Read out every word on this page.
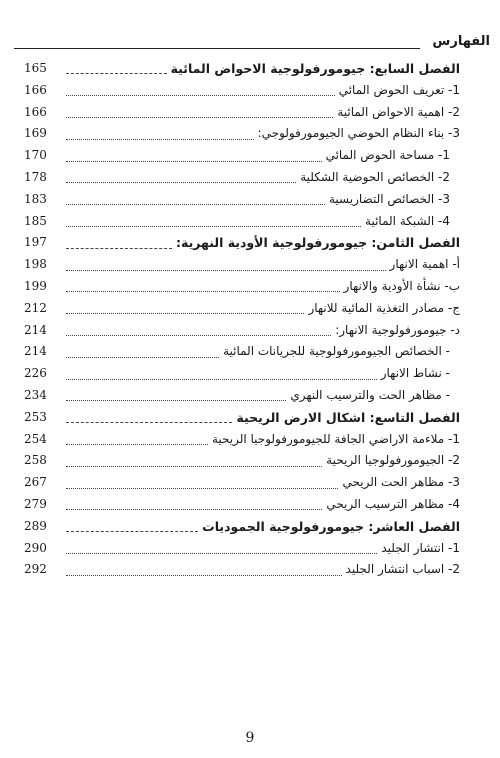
الفهارس
الفصل السابع: جيومورفولوجية الاحواض المائية
165
1- تعريف الحوض المائي
166
2- اهمية الاحواض المائية
166
3- بناء النظام الحوضي الجيومورفولوجي:
169
1- مساحة الحوض المائي
170
2- الخصائص الحوضية الشكلية
178
3- الخصائص التضاريسية
183
4- الشبكة المائية
185
الفصل الثامن: جيومورفولوجية الأودية النهرية:
197
أ- اهمية الانهار
198
ب- نشأة الأودية والانهار
199
ج- مصادر التغذية المائية للانهار
212
د- جيومورفولوجية الانهار:
214
- الخصائص الجيومورفولوجية للجريانات المائية
214
- نشاط الانهار
226
- مظاهر الحت والترسيب النهري
234
الفصل التاسع: اشكال الارض الريحية
253
1- ملاءمة الاراضي الجافة للجيومورفولوجيا الريحية
254
2- الجيومورفولوجيا الريحية
258
3- مظاهر الحت الريحي
267
4- مظاهر الترسيب الريحي
279
الفصل العاشر: جيومورفولوجية الجموديات
289
1- انتشار الجليد
290
2- اسباب انتشار الجليد
292
9
